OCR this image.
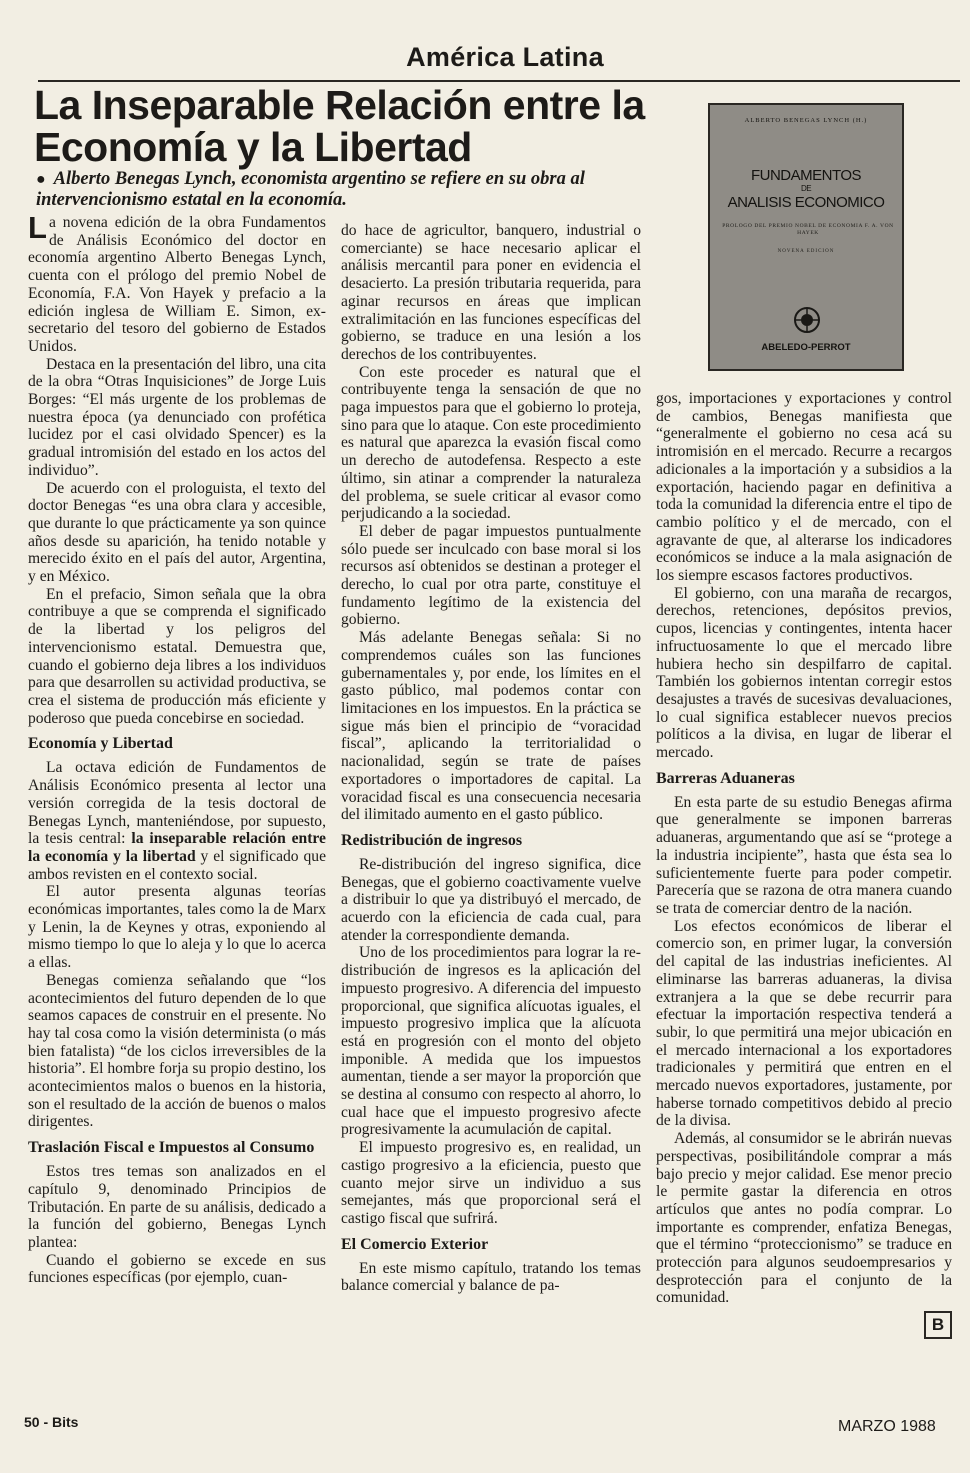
América Latina
La Inseparable Relación entre la Economía y la Libertad
● Alberto Benegas Lynch, economista argentino se refiere en su obra al intervencionismo estatal en la economía.
ALBERTO BENEGAS LYNCH (H.)
FUNDAMENTOS
DE
ANALISIS ECONOMICO
PROLOGO DEL PREMIO NOBEL DE ECONOMIA F. A. VON HAYEK
NOVENA EDICION
ABELEDO-PERROT

La novena edición de la obra Fundamentos de Análisis Económico del doctor en economía argentino Alberto Benegas Lynch, cuenta con el prólogo del premio Nobel de Economía, F.A. Von Hayek y prefacio a la edición inglesa de William E. Simon, ex- secretario del tesoro del gobierno de Estados Unidos.

Destaca en la presentación del libro, una cita de la obra “Otras Inquisiciones” de Jorge Luis Borges: “El más urgente de los problemas de nuestra época (ya denunciado con profética lucidez por el casi olvidado Spencer) es la gradual intromisión del estado en los actos del individuo”.

De acuerdo con el prologuista, el texto del doctor Benegas “es una obra clara y accesible, que durante lo que prácticamente ya son quince años desde su aparición, ha tenido notable y merecido éxito en el país del autor, Argentina, y en México.

En el prefacio, Simon señala que la obra contribuye a que se comprenda el significado de la libertad y los peligros del intervencionismo estatal. Demuestra que, cuando el gobierno deja libres a los individuos para que desarrollen su actividad productiva, se crea el sistema de producción más eficiente y poderoso que pueda concebirse en sociedad.

Economía y Libertad

La octava edición de Fundamentos de Análisis Económico presenta al lector una versión corregida de la tesis doctoral de Benegas Lynch, manteniéndose, por supuesto, la tesis central: la inseparable relación entre la economía y la libertad y el significado que ambos revisten en el contexto social.

El autor presenta algunas teorías económicas importantes, tales como la de Marx y Lenin, la de Keynes y otras, exponiendo al mismo tiempo lo que lo aleja y lo que lo acerca a ellas.

Benegas comienza señalando que “los acontecimientos del futuro dependen de lo que seamos capaces de construir en el presente. No hay tal cosa como la visión determinista (o más bien fatalista) “de los ciclos irreversibles de la historia”. El hombre forja su propio destino, los acontecimientos malos o buenos en la historia, son el resultado de la acción de buenos o malos dirigentes.

Traslación Fiscal e Impuestos al Consumo

Estos tres temas son analizados en el capítulo 9, denominado Principios de Tributación. En parte de su análisis, dedicado a la función del gobierno, Benegas Lynch plantea:

Cuando el gobierno se excede en sus funciones específicas (por ejemplo, cuan-

do hace de agricultor, banquero, industrial o comerciante) se hace necesario aplicar el análisis mercantil para poner en evidencia el desacierto. La presión tributaria requerida, para aginar recursos en áreas que implican extralimitación en las funciones específicas del gobierno, se traduce en una lesión a los derechos de los contribuyentes.

Con este proceder es natural que el contribuyente tenga la sensación de que no paga impuestos para que el gobierno lo proteja, sino para que lo ataque. Con este procedimiento es natural que aparezca la evasión fiscal como un derecho de autodefensa. Respecto a este último, sin atinar a comprender la naturaleza del problema, se suele criticar al evasor como perjudicando a la sociedad.

El deber de pagar impuestos puntualmente sólo puede ser inculcado con base moral si los recursos así obtenidos se destinan a proteger el derecho, lo cual por otra parte, constituye el fundamento legítimo de la existencia del gobierno.

Más adelante Benegas señala: Si no comprendemos cuáles son las funciones gubernamentales y, por ende, los límites en el gasto público, mal podemos contar con limitaciones en los impuestos. En la práctica se sigue más bien el principio de “voracidad fiscal”, aplicando la territorialidad o nacionalidad, según se trate de países exportadores o importadores de capital. La voracidad fiscal es una consecuencia necesaria del ilimitado aumento en el gasto público.

Redistribución de ingresos

Re-distribución del ingreso significa, dice Benegas, que el gobierno coactivamente vuelve a distribuir lo que ya distribuyó el mercado, de acuerdo con la eficiencia de cada cual, para atender la correspondiente demanda.

Uno de los procedimientos para lograr la re-distribución de ingresos es la aplicación del impuesto progresivo. A diferencia del impuesto proporcional, que significa alícuotas iguales, el impuesto progresivo implica que la alícuota está en progresión con el monto del objeto imponible. A medida que los impuestos aumentan, tiende a ser mayor la proporción que se destina al consumo con respecto al ahorro, lo cual hace que el impuesto progresivo afecte progresivamente la acumulación de capital.

El impuesto progresivo es, en realidad, un castigo progresivo a la eficiencia, puesto que cuanto mejor sirve un individuo a sus semejantes, más que proporcional será el castigo fiscal que sufrirá.

El Comercio Exterior

En este mismo capítulo, tratando los temas balance comercial y balance de pa-

gos, importaciones y exportaciones y control de cambios, Benegas manifiesta que “generalmente el gobierno no cesa acá su intromisión en el mercado. Recurre a recargos adicionales a la importación y a subsidios a la exportación, haciendo pagar en definitiva a toda la comunidad la diferencia entre el tipo de cambio político y el de mercado, con el agravante de que, al alterarse los indicadores económicos se induce a la mala asignación de los siempre escasos factores productivos.

El gobierno, con una maraña de recargos, derechos, retenciones, depósitos previos, cupos, licencias y contingentes, intenta hacer infructuosamente lo que el mercado libre hubiera hecho sin despilfarro de capital. También los gobiernos intentan corregir estos desajustes a través de sucesivas devaluaciones, lo cual significa establecer nuevos precios políticos a la divisa, en lugar de liberar el mercado.

Barreras Aduaneras

En esta parte de su estudio Benegas afirma que generalmente se imponen barreras aduaneras, argumentando que así se “protege a la industria incipiente”, hasta que ésta sea lo suficientemente fuerte para poder competir. Parecería que se razona de otra manera cuando se trata de comerciar dentro de la nación.

Los efectos económicos de liberar el comercio son, en primer lugar, la conversión del capital de las industrias ineficientes. Al eliminarse las barreras aduaneras, la divisa extranjera a la que se debe recurrir para efectuar la importación respectiva tenderá a subir, lo que permitirá una mejor ubicación en el mercado internacional a los exportadores tradicionales y permitirá que entren en el mercado nuevos exportadores, justamente, por haberse tornado competitivos debido al precio de la divisa.

Además, al consumidor se le abrirán nuevas perspectivas, posibilitándole comprar a más bajo precio y mejor calidad. Ese menor precio le permite gastar la diferencia en otros artículos que antes no podía comprar. Lo importante es comprender, enfatiza Benegas, que el término “proteccionismo” se traduce en protección para algunos seudoempresarios y desprotección para el conjunto de la comunidad.

B
50 - Bits	MARZO 1988
